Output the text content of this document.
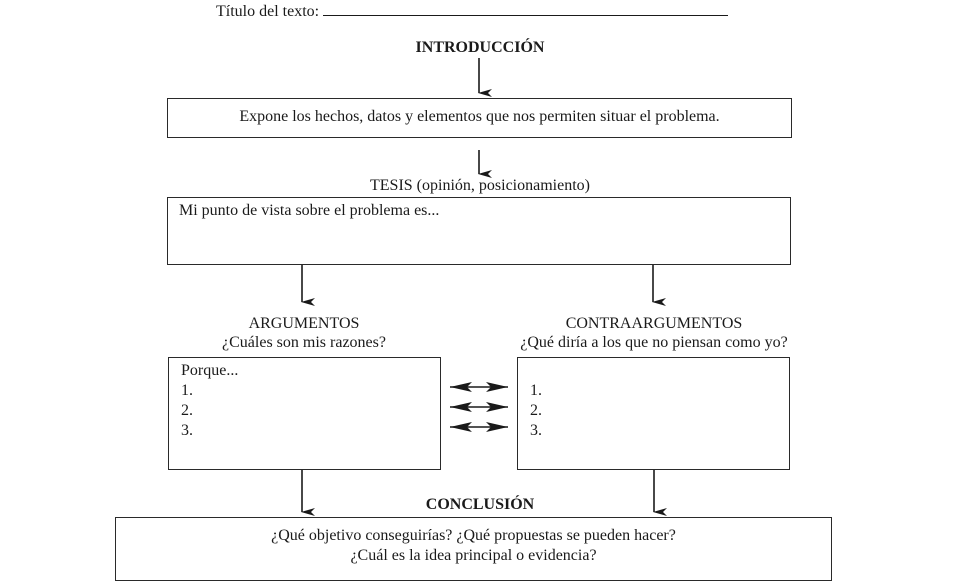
Título del texto:
INTRODUCCIÓN
Expone los hechos, datos y elementos que nos permiten situar el problema.
TESIS (opinión, posicionamiento)
Mi punto de vista sobre el problema es...
ARGUMENTOS
¿Cuáles son mis razones?
Porque...
1.
2.
3.
CONTRAARGUMENTOS
¿Qué diría a los que no piensan como yo?
1.
2.
3.
CONCLUSIÓN
¿Qué objetivo conseguirías? ¿Qué propuestas se pueden hacer?
¿Cuál es la idea principal o evidencia?
